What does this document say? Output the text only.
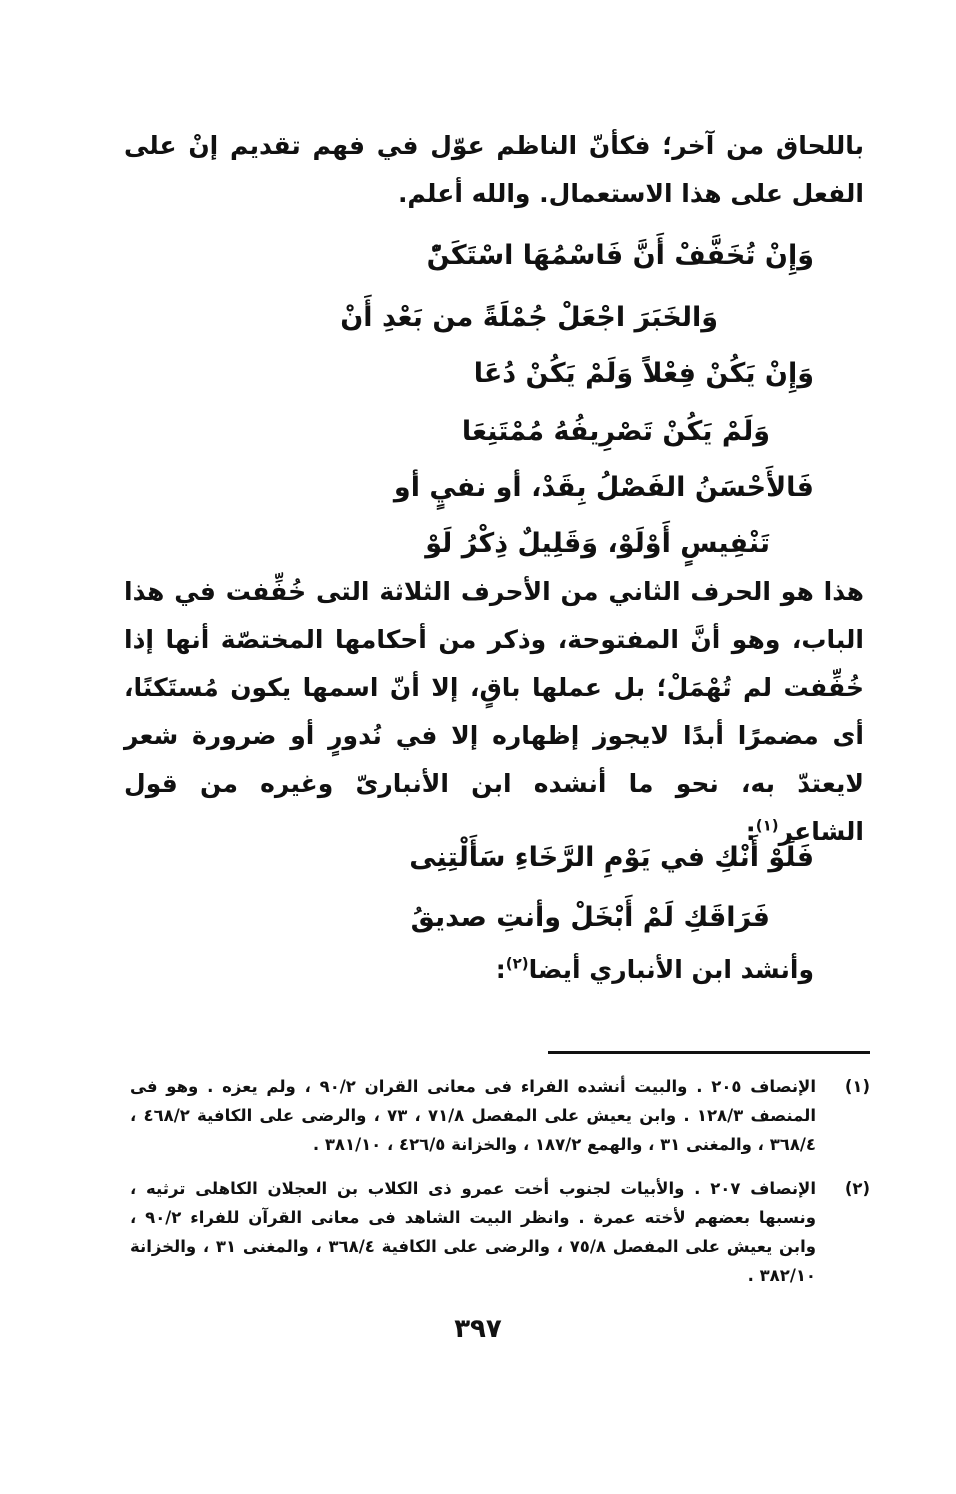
باللحاق من آخر؛ فكأنّ الناظم عوّل في فهم تقديم إنْ على الفعل على هذا الاستعمال. والله أعلم.
وَإِنْ تُخَفَّفْ أَنَّ فَاسْمُهَا اسْتَكَنّْ
وَالخَبَرَ اجْعَلْ جُمْلَةً من بَعْدِ أَنْ
وَإِنْ يَكُنْ فِعْلاً وَلَمْ يَكُنْ دُعَا
وَلَمْ يَكُنْ تَصْرِيفُهُ مُمْتَنِعَا
فَالأَحْسَنُ الفَصْلُ بِقَدْ، أو نفيٍ أو
تَنْفِيسٍ أَوْلَوْ، وَقَلِيلٌ ذِكْرُ لَوْ
هذا هو الحرف الثاني من الأحرف الثلاثة التى خُفِّفت في هذا الباب، وهو أنَّ المفتوحة، وذكر من أحكامها المختصّة أنها إذا خُفِّفت لم تُهْمَلْ؛ بل عملها باقٍ، إلا أنّ اسمها يكون مُستَكنًا، أى مضمرًا أبدًا لايجوز إظهاره إلا في نُدورٍ أو ضرورة شعر لايعتدّ به، نحو ما أنشده ابن الأنبارىّ وغيره من قول الشاعر$^{(١)}$:
فَلَوْ أَنْكِ في يَوْمِ الرَّخَاءِ سَأَلْتِنِى
فَرَاقَكِ لَمْ أَبْخَلْ وأنتِ صديقُ
وأنشد ابن الأنباري أيضا$^{(٢)}$:
(١)
الإنصاف ٢٠٥ . والبيت أنشده الفراء فى معانى القران ٩٠/٢ ، ولم يعزه . وهو فى المنصف ١٢٨/٣ . وابن يعيش على المفصل ٧١/٨ ، ٧٣ ، والرضى على الكافية ٤٦٨/٢ ، ٣٦٨/٤ ، والمغنى ٣١ ، والهمع ١٨٧/٢ ، والخزانة ٤٢٦/٥ ، ٣٨١/١٠ .
(٢)
الإنصاف ٢٠٧ . والأبيات لجنوب أخت عمرو ذى الكلاب بن العجلان الكاهلى ترثيه ، ونسبها بعضهم لأخته عمرة . وانظر البيت الشاهد فى معانى القرآن للفراء ٩٠/٢ ، وابن يعيش على المفصل ٧٥/٨ ، والرضى على الكافية ٣٦٨/٤ ، والمغنى ٣١ ، والخزانة ٣٨٢/١٠ .
٣٩٧
